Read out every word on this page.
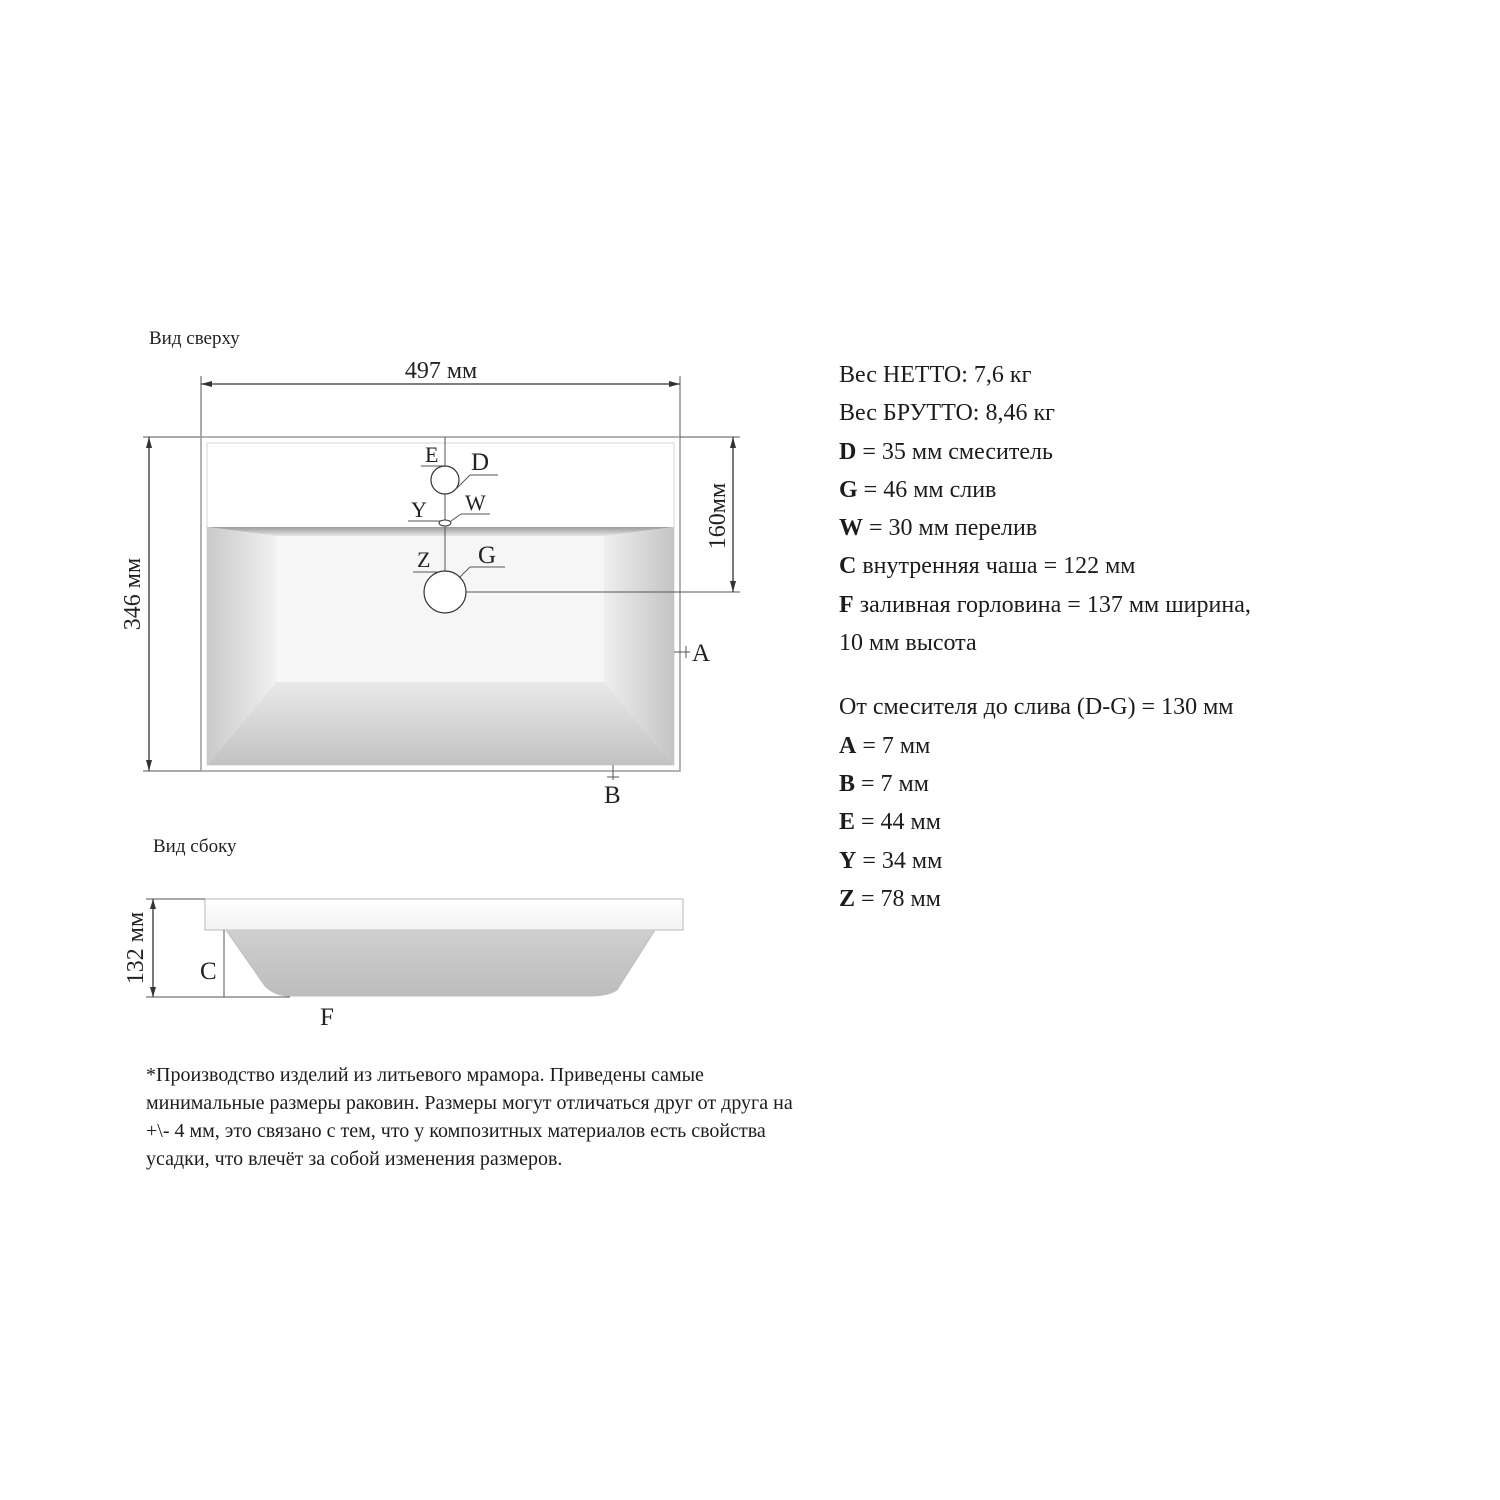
Вид сверху
497 мм
346 мм
160мм
E D
Y W
Z G
A
B
Вид сбоку
132 мм C
F
Вес НЕТТО: 7,6 кг
Вес БРУТТО: 8,46 кг
D = 35 мм смеситель
G = 46 мм слив
W = 30 мм перелив
C внутренняя чаша = 122 мм
F заливная горловина = 137 мм ширина,
10 мм высота
От смесителя до слива (D-G) = 130 мм
A = 7 мм
B = 7 мм
E = 44 мм
Y = 34 мм
Z = 78 мм
*Производство изделий из литьевого мрамора. Приведены самые
минимальные размеры раковин. Размеры могут отличаться друг от друга на
+\- 4 мм, это связано с тем, что у композитных материалов есть свойства
усадки, что влечёт за собой изменения размеров.
